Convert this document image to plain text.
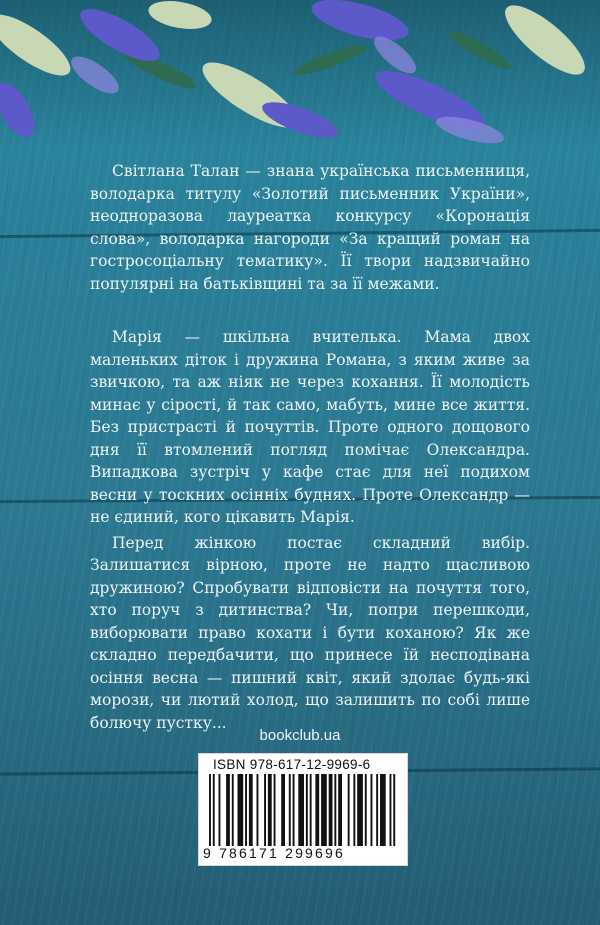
Світлана Талан — знана українська письменниця, володарка титулу «Золотий письменник України», неодноразова лауреатка конкурсу «Коронація слова», володарка нагороди «За кращий роман на гостросоціальну тематику». Її твори надзвичайно популярні на батьківщині та за її межами.

Марія — шкільна вчителька. Мама двох маленьких діток і дружина Романа, з яким живе за звичкою, та аж ніяк не через кохання. Її молодість минає у сірості, й так само, мабуть, мине все життя. Без пристрасті й почуттів. Проте одного дощового дня її втомлений погляд помічає Олександра. Випадкова зустріч у кафе стає для неї подихом весни у тоскних осінніх буднях. Проте Олександр — не єдиний, кого цікавить Марія.

Перед жінкою постає складний вибір. Залишатися вірною, проте не надто щасливою дружиною? Спробувати відповісти на почуття того, хто поруч з дитинства? Чи, попри перешкоди, виборювати право кохати і бути коханою? Як же складно передбачити, що принесе їй несподівана осіння весна — пишний квіт, який здолає будь-які морози, чи лютий холод, що залишить по собі лише болючу пустку...

bookclub.ua
ISBN 978-617-12-9969-6
9 786171 299696
